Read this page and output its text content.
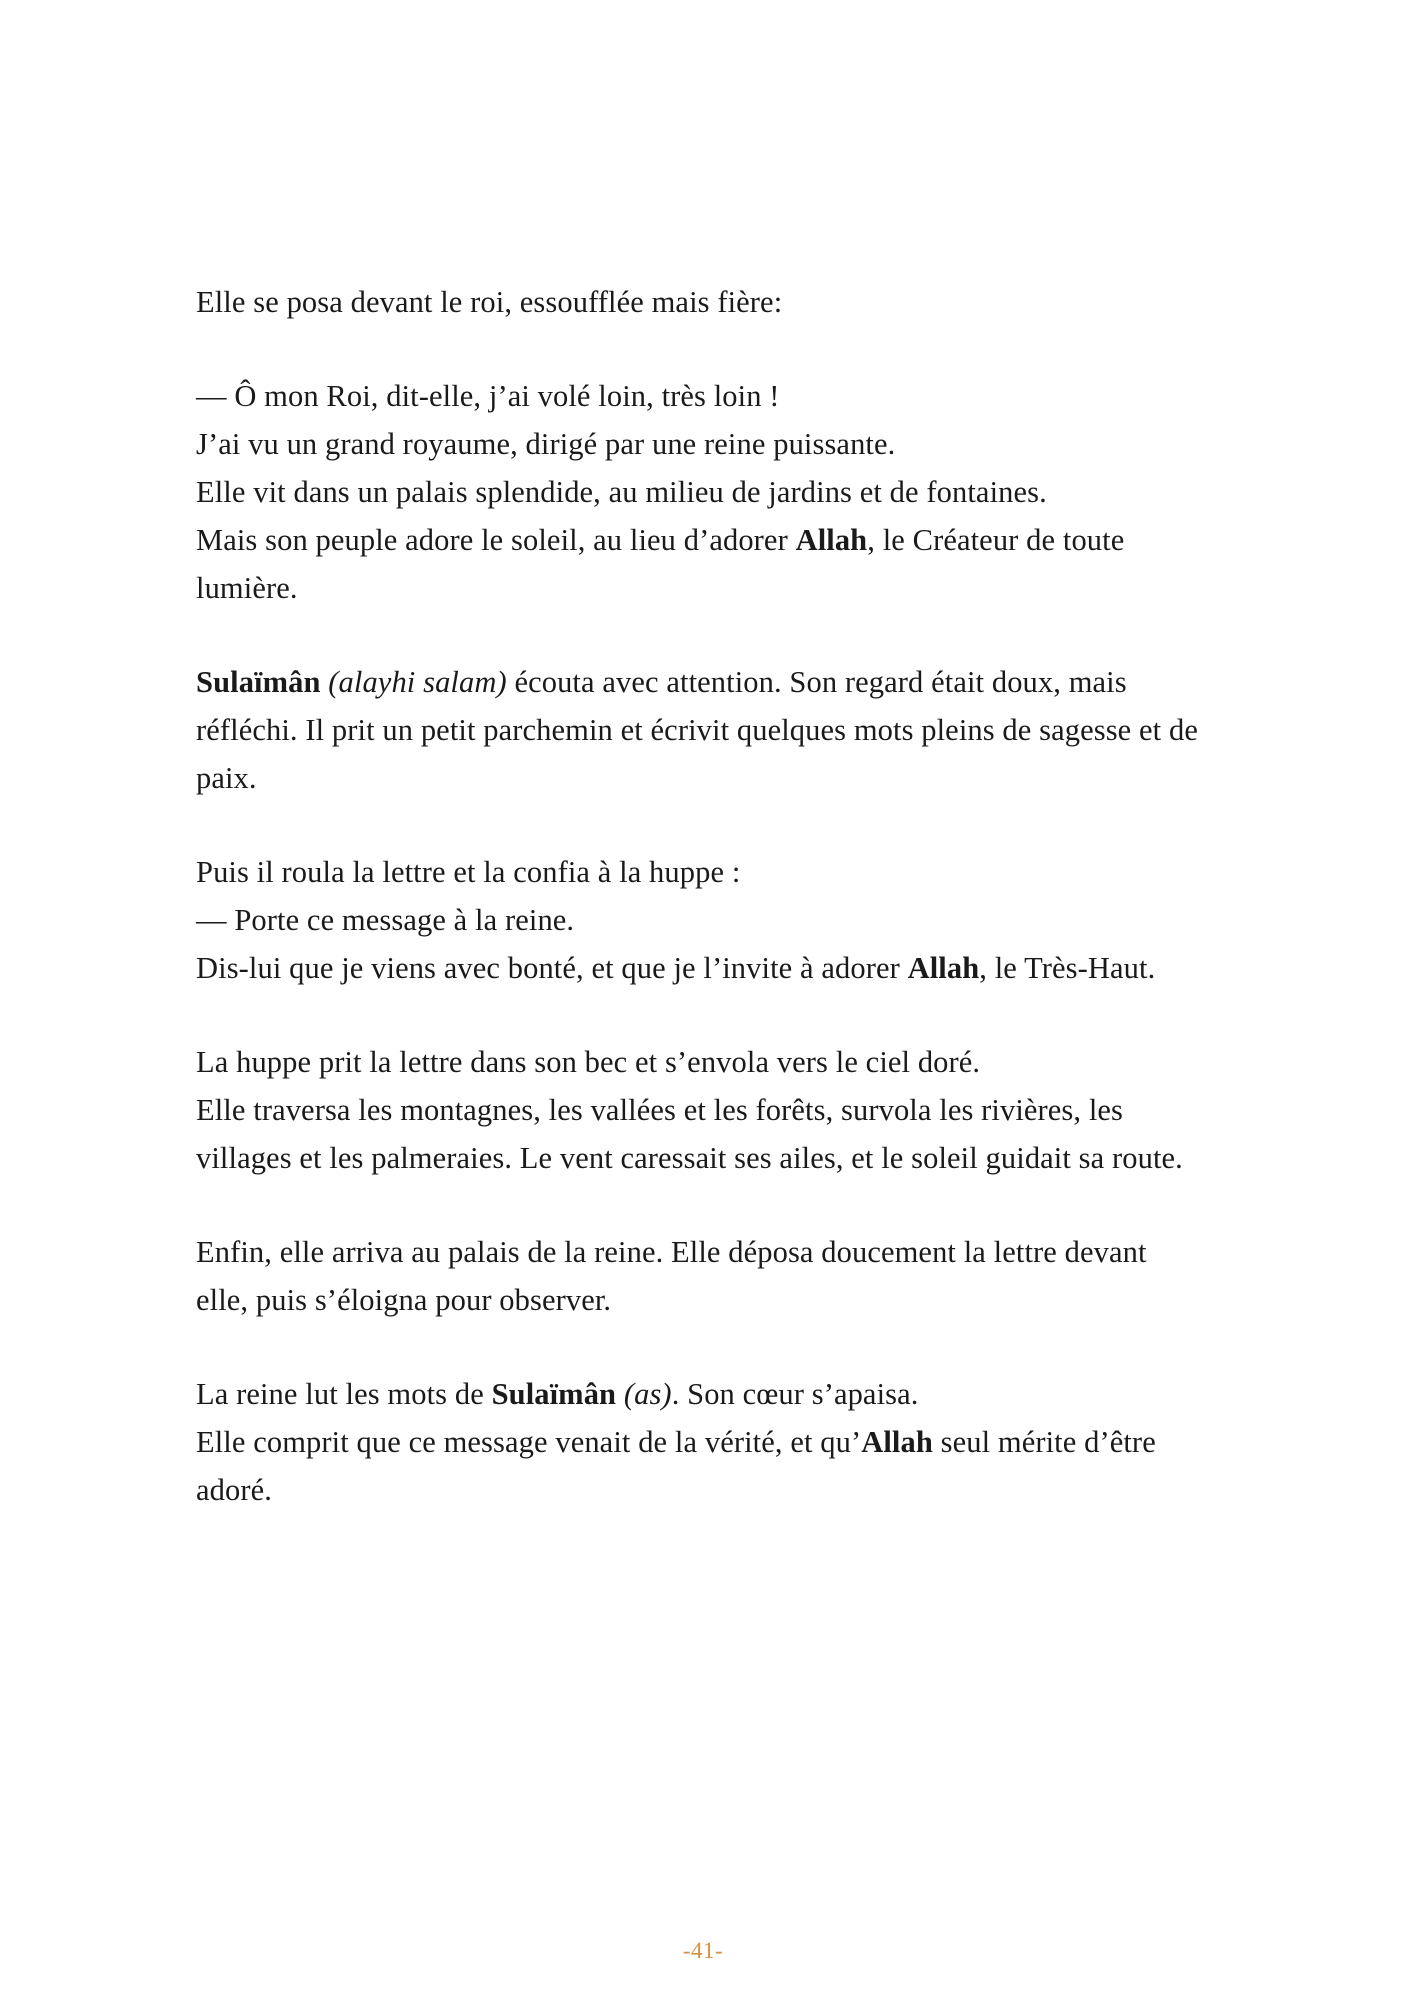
Elle se posa devant le roi, essoufflée mais fière:

— Ô mon Roi, dit-elle, j’ai volé loin, très loin !
J’ai vu un grand royaume, dirigé par une reine puissante.
Elle vit dans un palais splendide, au milieu de jardins et de fontaines.
Mais son peuple adore le soleil, au lieu d’adorer Allah, le Créateur de toute lumière.

Sulaïmân (alayhi salam) écouta avec attention. Son regard était doux, mais réfléchi. Il prit un petit parchemin et écrivit quelques mots pleins de sagesse et de paix.

Puis il roula la lettre et la confia à la huppe :
— Porte ce message à la reine.
Dis-lui que je viens avec bonté, et que je l’invite à adorer Allah, le Très-Haut.

La huppe prit la lettre dans son bec et s’envola vers le ciel doré.
Elle traversa les montagnes, les vallées et les forêts, survola les rivières, les villages et les palmeraies. Le vent caressait ses ailes, et le soleil guidait sa route.

Enfin, elle arriva au palais de la reine. Elle déposa doucement la lettre devant elle, puis s’éloigna pour observer.

La reine lut les mots de Sulaïmân (as). Son cœur s’apaisa.
Elle comprit que ce message venait de la vérité, et qu’Allah seul mérite d’être adoré.

-41-
